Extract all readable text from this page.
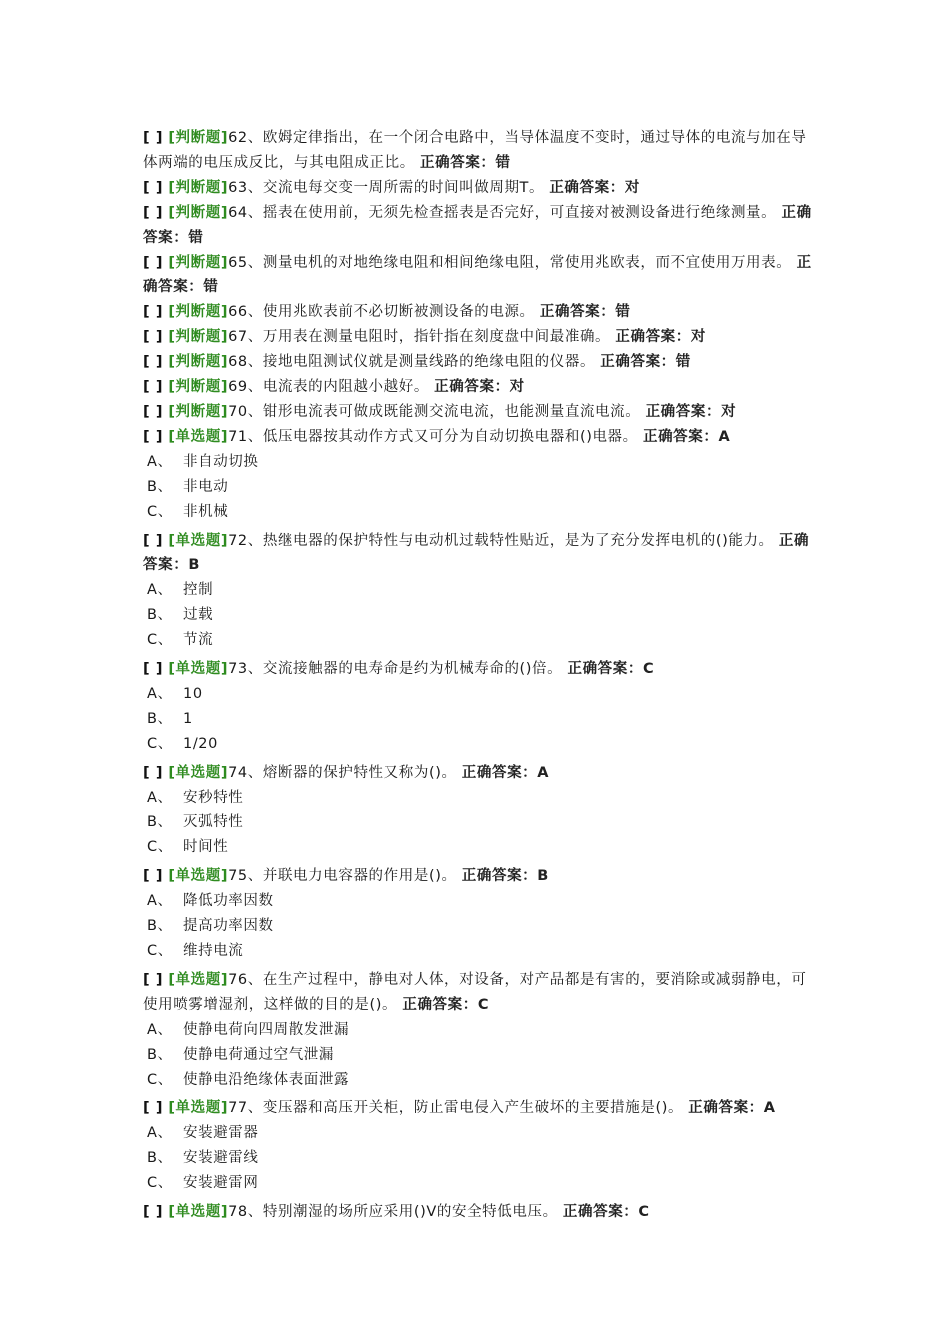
[ ] [判断题]62、欧姆定律指出，在一个闭合电路中，当导体温度不变时，通过导体的电流与加在导体两端的电压成反比，与其电阻成正比。 正确答案：错

[ ] [判断题]63、交流电每交变一周所需的时间叫做周期T。 正确答案：对

[ ] [判断题]64、摇表在使用前，无须先检查摇表是否完好，可直接对被测设备进行绝缘测量。 正确答案：错

[ ] [判断题]65、测量电机的对地绝缘电阻和相间绝缘电阻，常使用兆欧表，而不宜使用万用表。 正确答案：错

[ ] [判断题]66、使用兆欧表前不必切断被测设备的电源。 正确答案：错

[ ] [判断题]67、万用表在测量电阻时，指针指在刻度盘中间最准确。 正确答案：对

[ ] [判断题]68、接地电阻测试仪就是测量线路的绝缘电阻的仪器。 正确答案：错

[ ] [判断题]69、电流表的内阻越小越好。 正确答案：对

[ ] [判断题]70、钳形电流表可做成既能测交流电流，也能测量直流电流。 正确答案：对

[ ] [单选题]71、低压电器按其动作方式又可分为自动切换电器和()电器。 正确答案：A

A、 非自动切换

B、 非电动

C、 非机械

[ ] [单选题]72、热继电器的保护特性与电动机过载特性贴近，是为了充分发挥电机的()能力。 正确答案：B

A、 控制

B、 过载

C、 节流

[ ] [单选题]73、交流接触器的电寿命是约为机械寿命的()倍。 正确答案：C

A、 10

B、 1

C、 1/20

[ ] [单选题]74、熔断器的保护特性又称为()。 正确答案：A

A、 安秒特性

B、 灭弧特性

C、 时间性

[ ] [单选题]75、并联电力电容器的作用是()。 正确答案：B

A、 降低功率因数

B、 提高功率因数

C、 维持电流

[ ] [单选题]76、在生产过程中，静电对人体，对设备，对产品都是有害的，要消除或减弱静电，可使用喷雾增湿剂，这样做的目的是()。 正确答案：C

A、 使静电荷向四周散发泄漏

B、 使静电荷通过空气泄漏

C、 使静电沿绝缘体表面泄露

[ ] [单选题]77、变压器和高压开关柜，防止雷电侵入产生破坏的主要措施是()。 正确答案：A

A、 安装避雷器

B、 安装避雷线

C、 安装避雷网

[ ] [单选题]78、特别潮湿的场所应采用()V的安全特低电压。 正确答案：C
